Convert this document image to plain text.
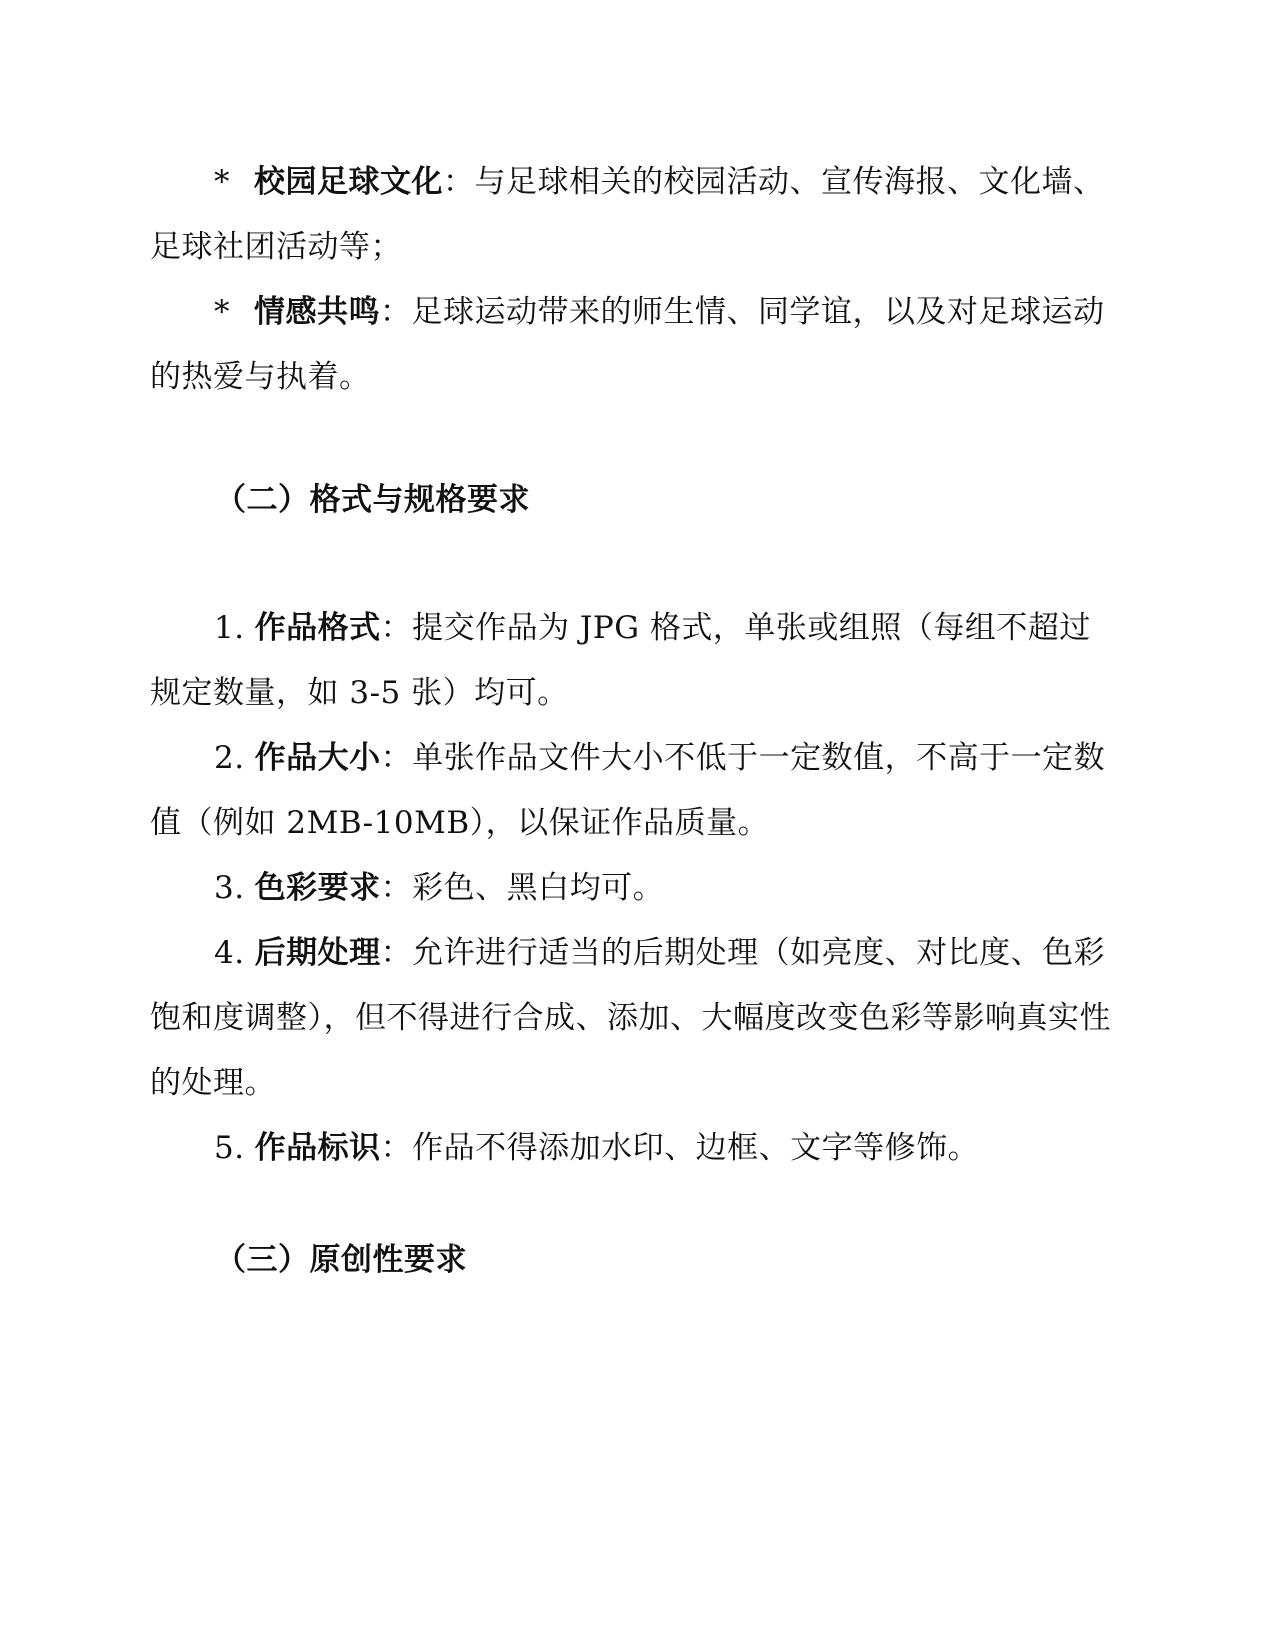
* 校园足球文化：与足球相关的校园活动、宣传海报、文化墙、足球社团活动等；
* 情感共鸣：足球运动带来的师生情、同学谊，以及对足球运动的热爱与执着。
（二）格式与规格要求
1. 作品格式：提交作品为 JPG 格式，单张或组照（每组不超过规定数量，如 3-5 张）均可。
2. 作品大小：单张作品文件大小不低于一定数值，不高于一定数值（例如 2MB-10MB），以保证作品质量。
3. 色彩要求：彩色、黑白均可。
4. 后期处理：允许进行适当的后期处理（如亮度、对比度、色彩饱和度调整），但不得进行合成、添加、大幅度改变色彩等影响真实性的处理。
5. 作品标识：作品不得添加水印、边框、文字等修饰。
（三）原创性要求
